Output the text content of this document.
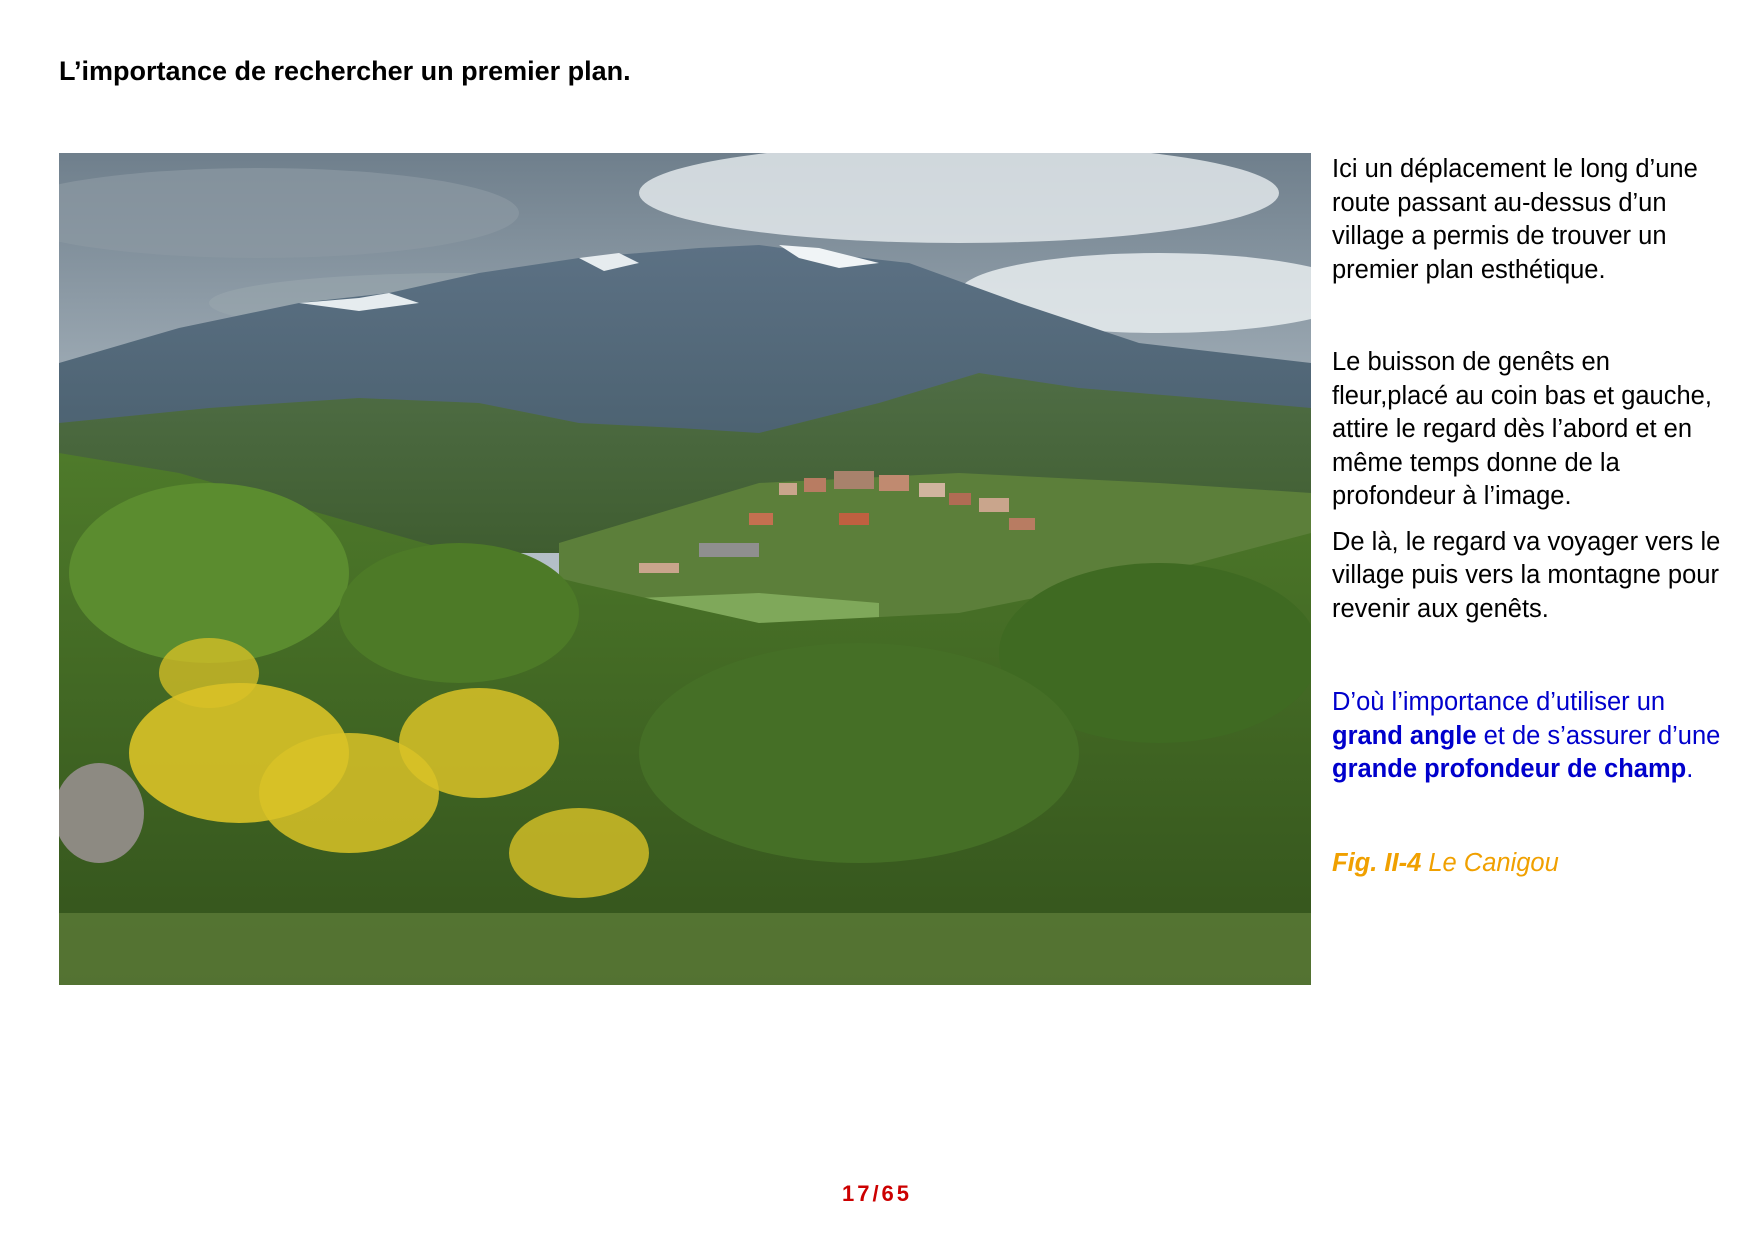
L’importance de rechercher un premier plan.

Ici un déplacement le long d’une route passant au-dessus d’un village a permis de trouver un premier plan esthétique.

Le buisson de genêts en fleur,placé au coin bas et gauche, attire le regard dès l’abord et en même temps donne de la profondeur à l’image.

De là, le regard va voyager vers le village puis vers la montagne pour revenir aux genêts.

D’où l’importance d’utiliser un grand angle et de s’assurer d’une grande profondeur de champ.

Fig. II-4 Le Canigou

17/65
